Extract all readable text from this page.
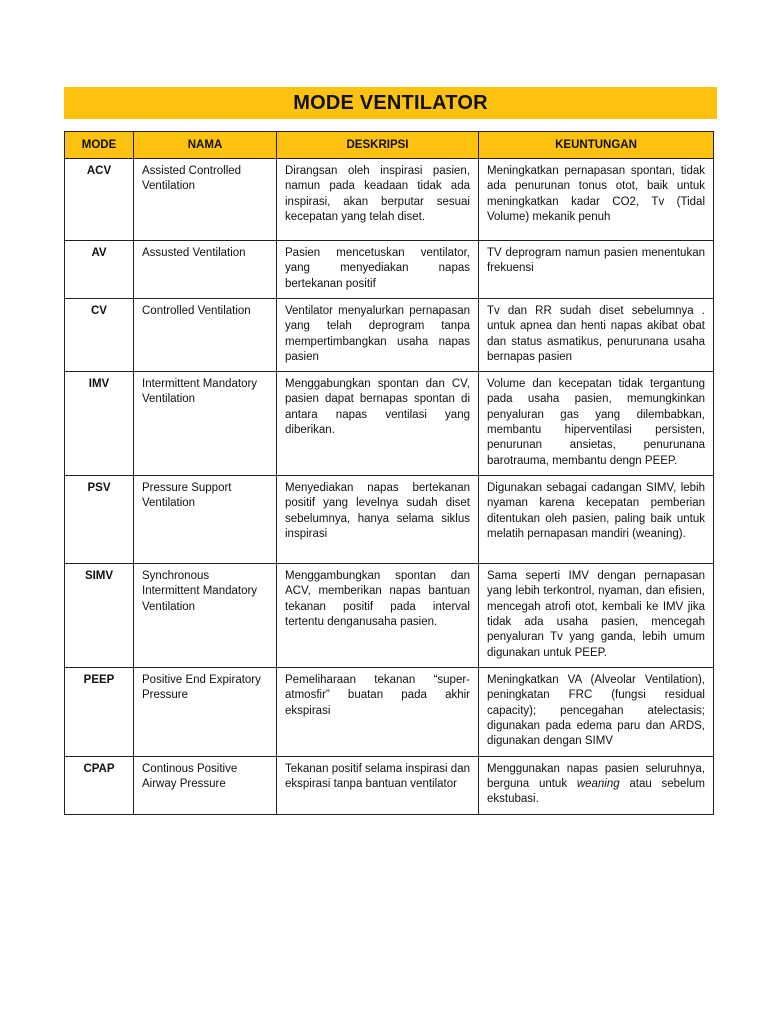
MODE VENTILATOR
MODE	NAMA	DESKRIPSI	KEUNTUNGAN
ACV	Assisted Controlled Ventilation	Dirangsan oleh inspirasi pasien, namun pada keadaan tidak ada inspirasi, akan berputar sesuai kecepatan yang telah diset.	Meningkatkan pernapasan spontan, tidak ada penurunan tonus otot, baik untuk meningkatkan kadar CO2, Tv (Tidal Volume) mekanik penuh
AV	Assusted Ventilation	Pasien mencetuskan ventilator, yang menyediakan napas bertekanan positif	TV deprogram namun pasien menentukan frekuensi
CV	Controlled Ventilation	Ventilator menyalurkan pernapasan yang telah deprogram tanpa mempertimbangkan usaha napas pasien	Tv dan RR sudah diset sebelumnya . untuk apnea dan henti napas akibat obat dan status asmatikus, penurunana usaha bernapas pasien
IMV	Intermittent Mandatory Ventilation	Menggabungkan spontan dan CV, pasien dapat bernapas spontan di antara napas ventilasi yang diberikan.	Volume dan kecepatan tidak tergantung pada usaha pasien, memungkinkan penyaluran gas yang dilembabkan, membantu hiperventilasi persisten, penurunan ansietas, penurunana barotrauma, membantu dengn PEEP.
PSV	Pressure Support Ventilation	Menyediakan napas bertekanan positif yang levelnya sudah diset sebelumnya, hanya selama siklus inspirasi	Digunakan sebagai cadangan SIMV, lebih nyaman karena kecepatan pemberian ditentukan oleh pasien, paling baik untuk melatih pernapasan mandiri (weaning).
SIMV	Synchronous Intermittent Mandatory Ventilation	Menggambungkan spontan dan ACV, memberikan napas bantuan tekanan positif pada interval tertentu denganusaha pasien.	Sama seperti IMV dengan pernapasan yang lebih terkontrol, nyaman, dan efisien, mencegah atrofi otot, kembali ke IMV jika tidak ada usaha pasien, mencegah penyaluran Tv yang ganda, lebih umum digunakan untuk PEEP.
PEEP	Positive End Expiratory Pressure	Pemeliharaan tekanan “super-atmosfir” buatan pada akhir ekspirasi	Meningkatkan VA (Alveolar Ventilation), peningkatan FRC (fungsi residual capacity); pencegahan atelectasis; digunakan pada edema paru dan ARDS, digunakan dengan SIMV
CPAP	Continous Positive Airway Pressure	Tekanan positif selama inspirasi dan ekspirasi tanpa bantuan ventilator	Menggunakan napas pasien seluruhnya, berguna untuk weaning atau sebelum ekstubasi.
